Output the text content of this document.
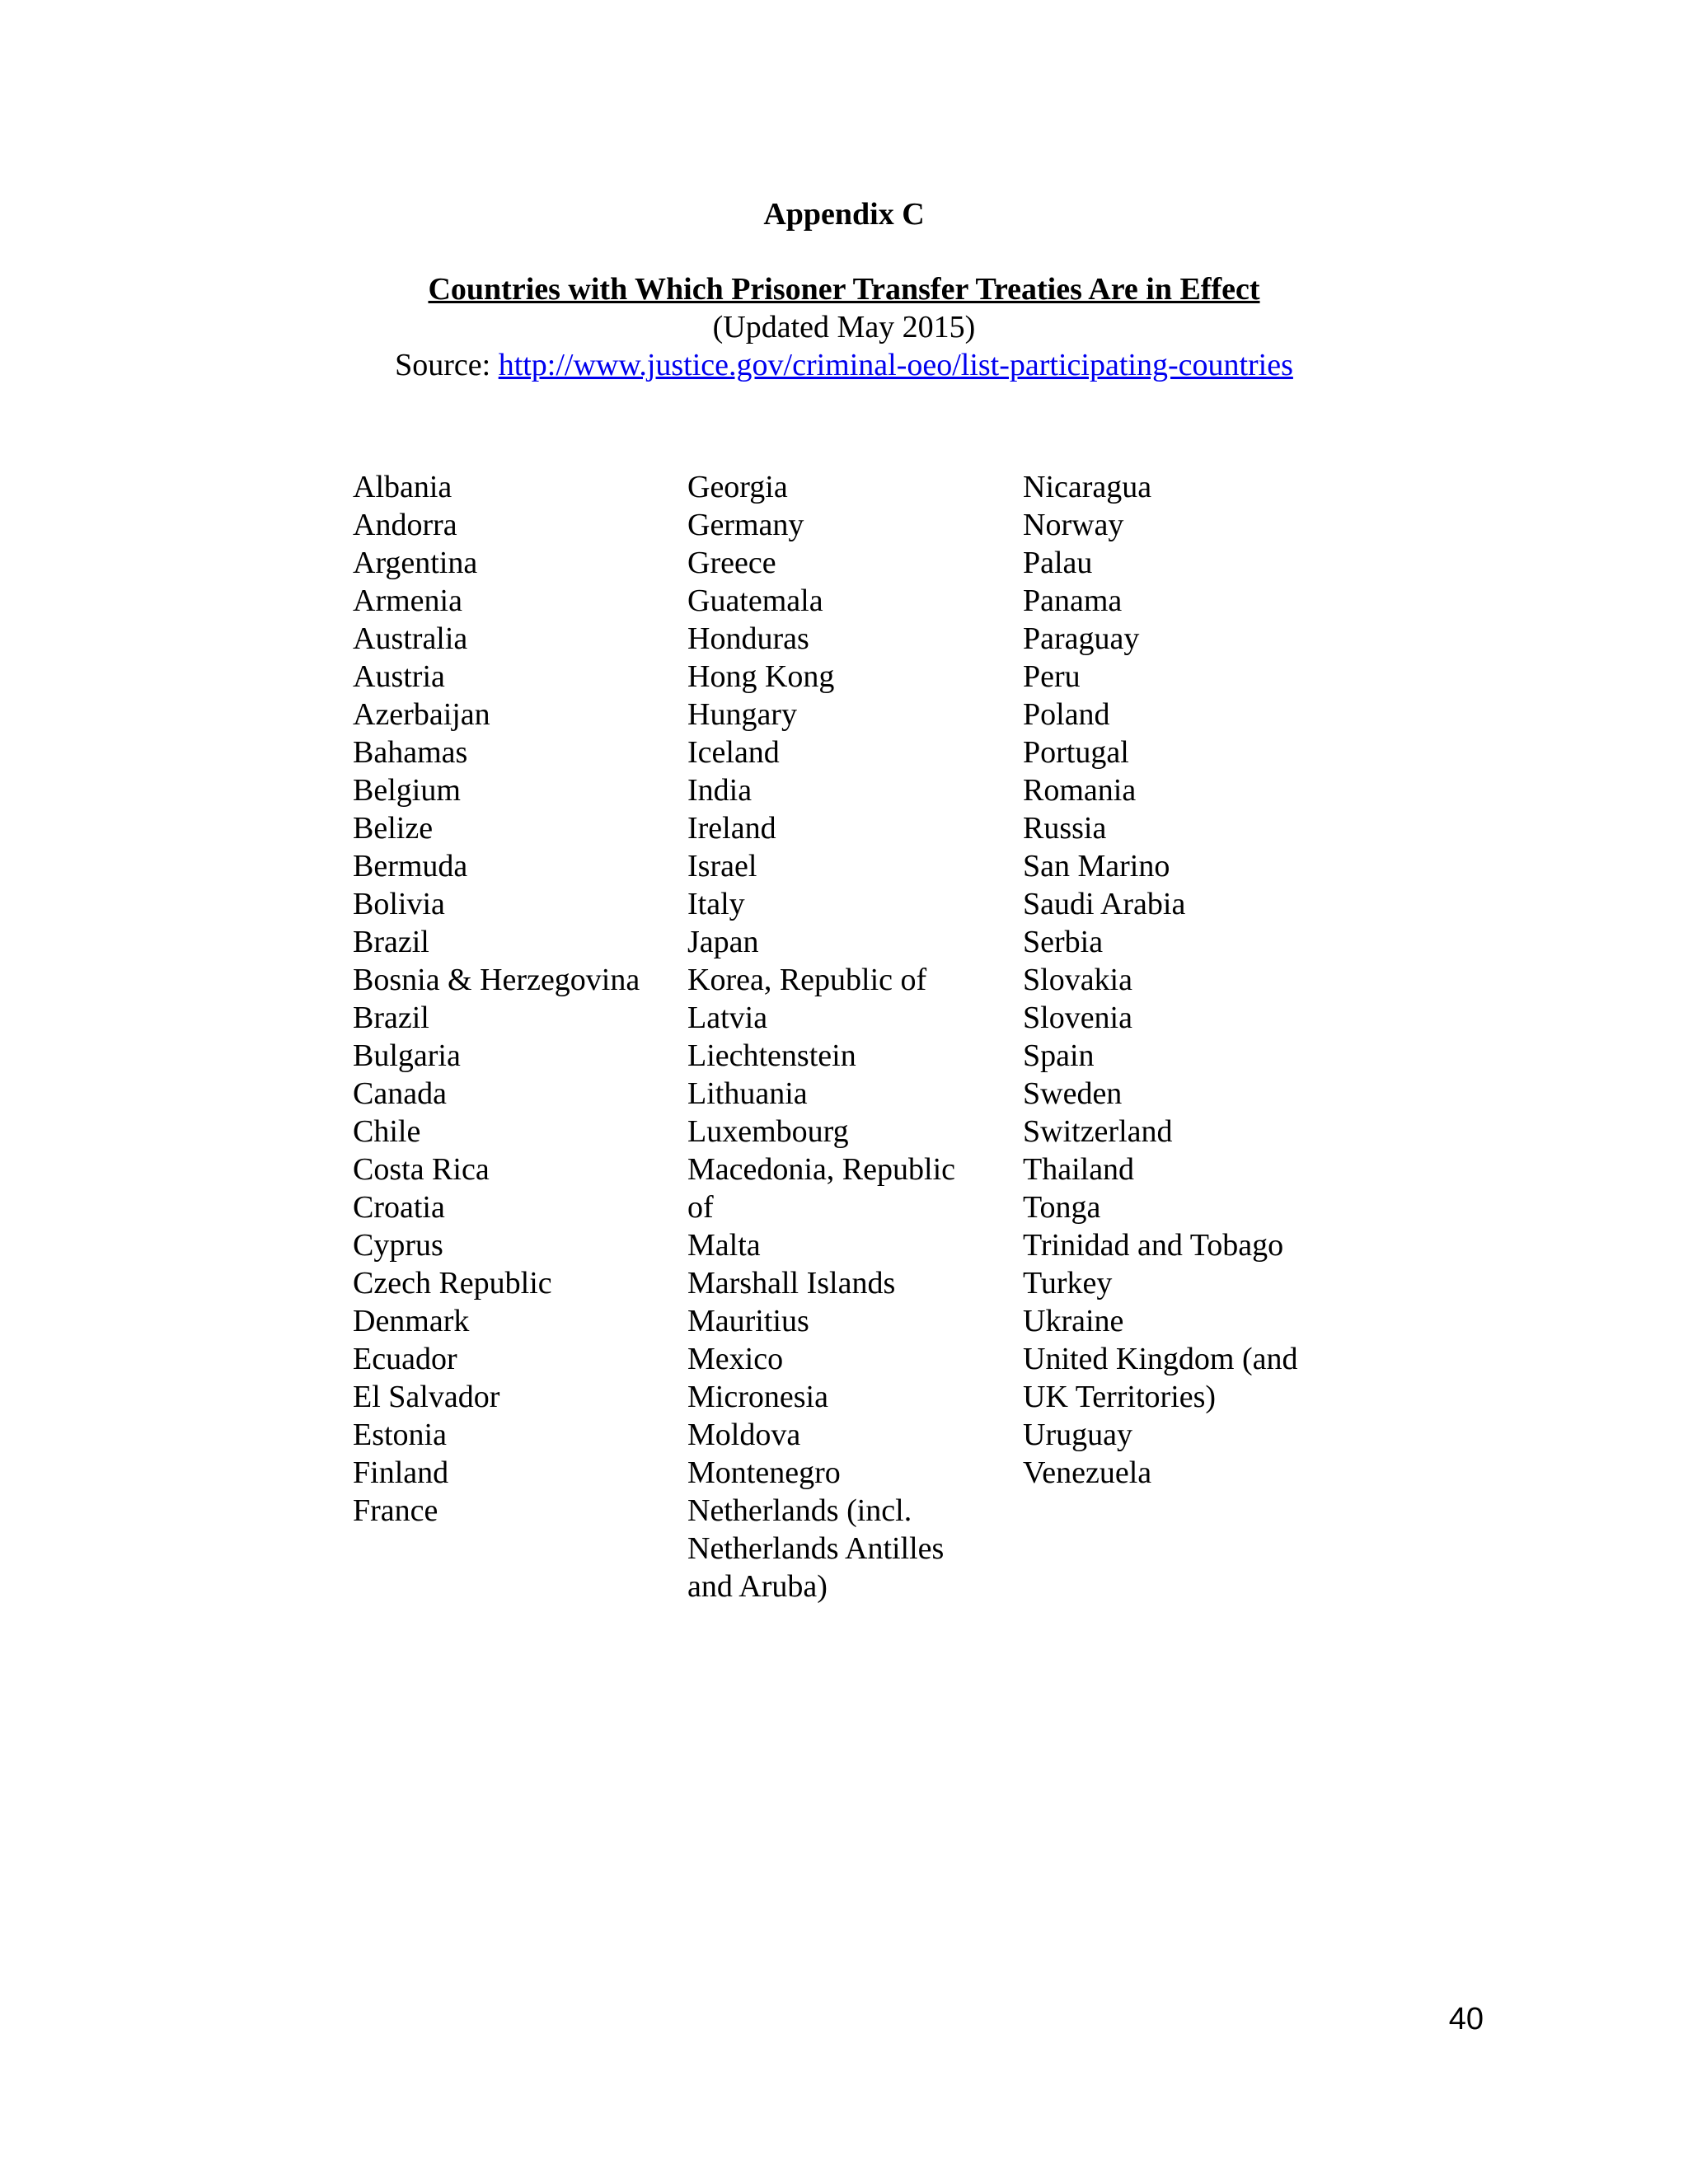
Appendix C
Countries with Which Prisoner Transfer Treaties Are in Effect
(Updated May 2015)
Source: http://www.justice.gov/criminal-oeo/list-participating-countries
Albania
Andorra
Argentina
Armenia
Australia
Austria
Azerbaijan
Bahamas
Belgium
Belize
Bermuda
Bolivia
Brazil
Bosnia & Herzegovina
Brazil
Bulgaria
Canada
Chile
Costa Rica
Croatia
Cyprus
Czech Republic
Denmark
Ecuador
El Salvador
Estonia
Finland
France
Georgia
Germany
Greece
Guatemala
Honduras
Hong Kong
Hungary
Iceland
India
Ireland
Israel
Italy
Japan
Korea, Republic of
Latvia
Liechtenstein
Lithuania
Luxembourg
Macedonia, Republic
of
Malta
Marshall Islands
Mauritius
Mexico
Micronesia
Moldova
Montenegro
Netherlands (incl.
Netherlands Antilles
and Aruba)
Nicaragua
Norway
Palau
Panama
Paraguay
Peru
Poland
Portugal
Romania
Russia
San Marino
Saudi Arabia
Serbia
Slovakia
Slovenia
Spain
Sweden
Switzerland
Thailand
Tonga
Trinidad and Tobago
Turkey
Ukraine
United Kingdom (and
UK Territories)
Uruguay
Venezuela
40
